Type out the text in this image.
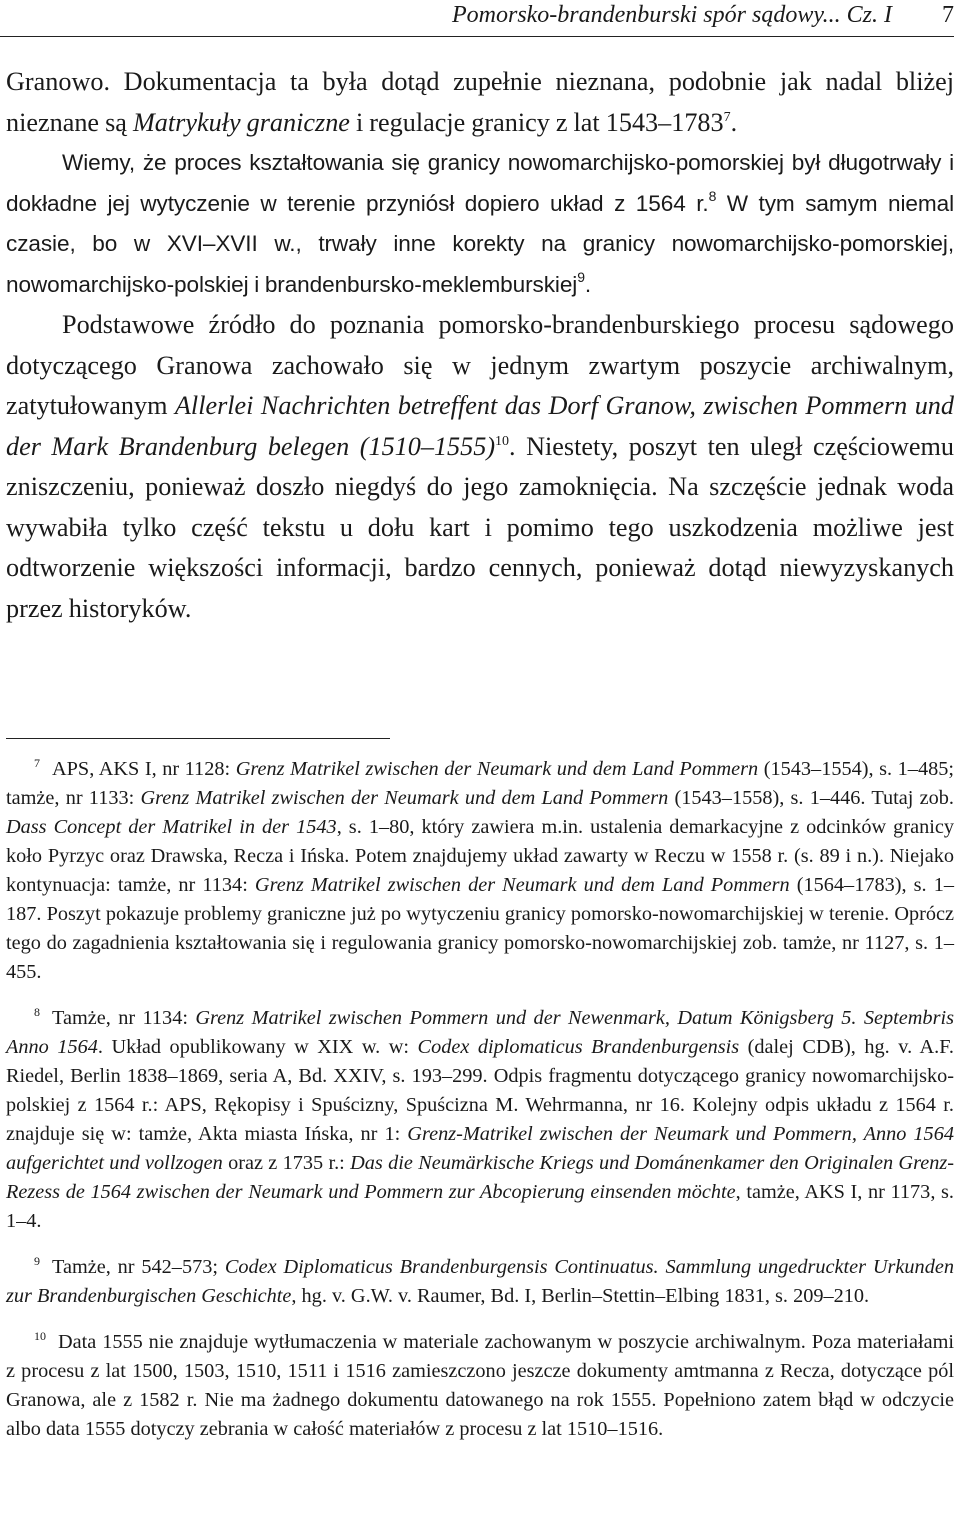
Pomorsko-brandenburski spór sądowy... Cz. I 7

Granowo. Dokumentacja ta była dotąd zupełnie nieznana, podobnie jak nadal bliżej nieznane są Matrykuły graniczne i regulacje granicy z lat 1543–1783$^7$.

Wiemy, że proces kształtowania się granicy nowomarchijsko-pomorskiej był długotrwały i dokładne jej wytyczenie w terenie przyniósł dopiero układ z 1564 r.$^8$ W tym samym niemal czasie, bo w XVI–XVII w., trwały inne korekty na granicy nowomarchijsko-pomorskiej, nowomarchijsko-polskiej i brandenbursko-meklemburskiej$^9$.

Podstawowe źródło do poznania pomorsko-brandenburskiego procesu sądowego dotyczącego Granowa zachowało się w jednym zwartym poszycie archiwalnym, zatytułowanym Allerlei Nachrichten betreffent das Dorf Granow, zwischen Pommern und der Mark Brandenburg belegen (1510–1555)$^{10}$. Niestety, poszyt ten uległ częściowemu zniszczeniu, ponieważ doszło niegdyś do jego zamoknięcia. Na szczęście jednak woda wywabiła tylko część tekstu u dołu kart i pomimo tego uszkodzenia możliwe jest odtworzenie większości informacji, bardzo cennych, ponieważ dotąd niewyzyskanych przez historyków.

$^7$ APS, AKS I, nr 1128: Grenz Matrikel zwischen der Neumark und dem Land Pommern (1543–1554), s. 1–485; tamże, nr 1133: Grenz Matrikel zwischen der Neumark und dem Land Pommern (1543–1558), s. 1–446. Tutaj zob. Dass Concept der Matrikel in der 1543, s. 1–80, który zawiera m.in. ustalenia demarkacyjne z odcinków granicy koło Pyrzyc oraz Drawska, Recza i Ińska. Potem znajdujemy układ zawarty w Reczu w 1558 r. (s. 89 i n.). Niejako kontynuacja: tamże, nr 1134: Grenz Matrikel zwischen der Neumark und dem Land Pommern (1564–1783), s. 1–187. Poszyt pokazuje problemy graniczne już po wytyczeniu granicy pomorsko-nowomarchijskiej w terenie. Oprócz tego do zagadnienia kształtowania się i regulowania granicy pomorsko-nowomarchijskiej zob. tamże, nr 1127, s. 1–455.

$^8$ Tamże, nr 1134: Grenz Matrikel zwischen Pommern und der Newenmark, Datum Königsberg 5. Septembris Anno 1564. Układ opublikowany w XIX w. w: Codex diplomaticus Brandenburgensis (dalej CDB), hg. v. A.F. Riedel, Berlin 1838–1869, seria A, Bd. XXIV, s. 193–299. Odpis fragmentu dotyczącego granicy nowomarchijsko-polskiej z 1564 r.: APS, Rękopisy i Spuścizny, Spuścizna M. Wehrmanna, nr 16. Kolejny odpis układu z 1564 r. znajduje się w: tamże, Akta miasta Ińska, nr 1: Grenz-Matrikel zwischen der Neumark und Pommern, Anno 1564 aufgerichtet und vollzogen oraz z 1735 r.: Das die Neumärkische Kriegs und Dománenkamer den Originalen Grenz-Rezess de 1564 zwischen der Neumark und Pommern zur Abcopierung einsenden möchte, tamże, AKS I, nr 1173, s. 1–4.

$^9$ Tamże, nr 542–573; Codex Diplomaticus Brandenburgensis Continuatus. Sammlung ungedruckter Urkunden zur Brandenburgischen Geschichte, hg. v. G.W. v. Raumer, Bd. I, Berlin–Stettin–Elbing 1831, s. 209–210.

$^{10}$ Data 1555 nie znajduje wytłumaczenia w materiale zachowanym w poszycie archiwalnym. Poza materiałami z procesu z lat 1500, 1503, 1510, 1511 i 1516 zamieszczono jeszcze dokumenty amtmanna z Recza, dotyczące pól Granowa, ale z 1582 r. Nie ma żadnego dokumentu datowanego na rok 1555. Popełniono zatem błąd w odczycie albo data 1555 dotyczy zebrania w całość materiałów z procesu z lat 1510–1516.
